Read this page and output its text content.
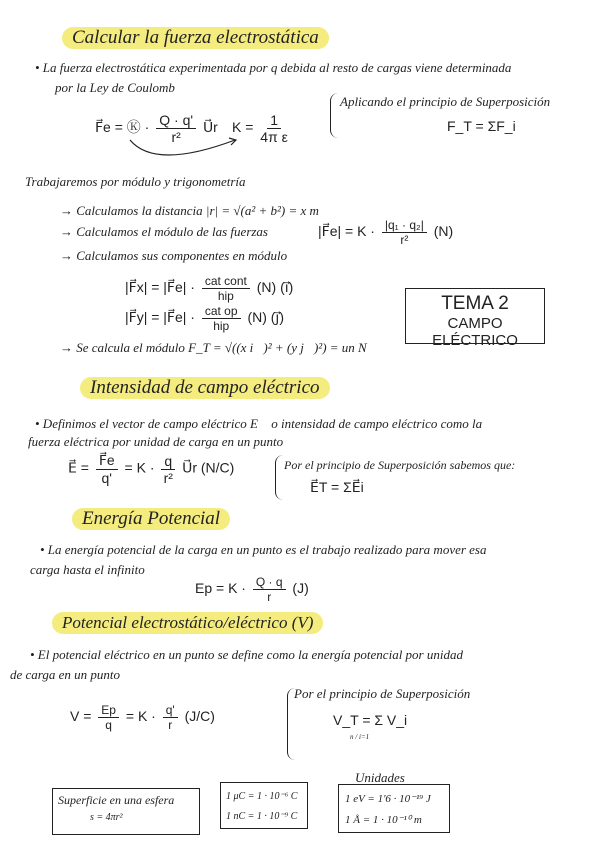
Calcular la fuerza electrostática
• La fuerza electrostática experimentada por q debida al resto de cargas viene determinada
por la Ley de Coulomb
F⃗e = Ⓚ · $\frac{Q \cdot q'}{\text{r²}}$ U⃗r $K = \frac{1}{\text{4π ε}}$
Aplicando el principio de Superposición
F_T = ΣF_i
Trabajaremos por módulo y trigonometría
→ Calculamos la distancia |r| = √(a² + b²) = x m
→ Calculamos el módulo de las fuerzas	|F⃗e| = $K \cdot \frac{\text{|q₁ · q₂|}}{\text{r²}} (N)$
→ Calculamos sus componentes en módulo
|F⃗x| = |F⃗e| · $\frac{\text{cat cont}}{\text{hip}} (N)$ (i⃗)
|F⃗y| = |F⃗e| · $\frac{\text{cat op}}{\text{hip}} (N)$ (j⃗)
→ Se calcula el módulo F_T = √((x i⃗)² + (y j⃗)²) = un N
TEMA 2
CAMPO ELÉCTRICO
Intensidad de campo eléctrico
• Definimos el vector de campo eléctrico E⃗ o intensidad de campo eléctrico como la
fuerza eléctrica por unidad de carga en un punto
E⃗ = $\frac{F⃗e}{q'} = K \cdot \frac{q}{\text{r²}}$ U⃗r (N/C)	Por el principio de Superposición sabemos que:
E⃗T = ΣE⃗i
Energía Potencial
• La energía potencial de la carga en un punto es el trabajo realizado para mover esa
carga hasta el infinito
$Ep = K \cdot \frac{Q \cdot q}{r} (J)$
Potencial electrostático/eléctrico (V)
• El potencial eléctrico en un punto se define como la energía potencial por unidad
de carga en un punto
$V = \frac{Ep}{q} = K \cdot \frac{q'}{r} (J/C)$
Por el principio de Superposición
V_T = Σ V_i
n / i=1
Unidades
Superficie en una esfera
s = 4πr²
1 μC = 1 · 10⁻⁶ C
1 nC = 1 · 10⁻⁹ C
1 eV = 1'6 · 10⁻¹⁹ J
1 Å = 1 · 10⁻¹⁰ m
